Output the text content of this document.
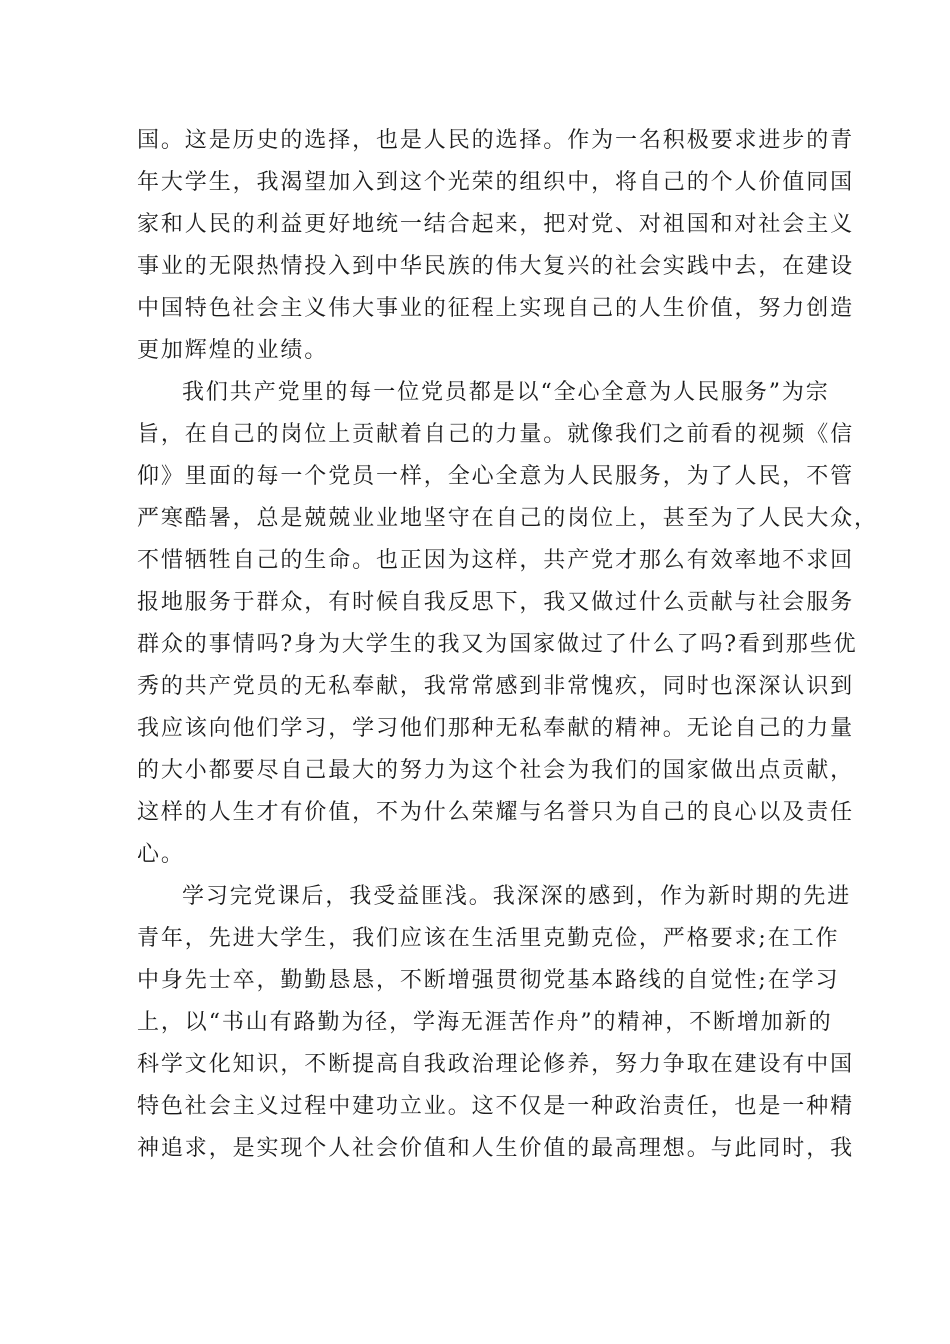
国。这是历史的选择，也是人民的选择。作为一名积极要求进步的青
年大学生，我渴望加入到这个光荣的组织中，将自己的个人价值同国
家和人民的利益更好地统一结合起来，把对党、对祖国和对社会主义
事业的无限热情投入到中华民族的伟大复兴的社会实践中去，在建设
中国特色社会主义伟大事业的征程上实现自己的人生价值，努力创造
更加辉煌的业绩。
我们共产党里的每一位党员都是以“全心全意为人民服务”为宗
旨，在自己的岗位上贡献着自己的力量。就像我们之前看的视频《信
仰》里面的每一个党员一样，全心全意为人民服务，为了人民，不管
严寒酷暑，总是兢兢业业地坚守在自己的岗位上，甚至为了人民大众，
不惜牺牲自己的生命。也正因为这样，共产党才那么有效率地不求回
报地服务于群众，有时候自我反思下，我又做过什么贡献与社会服务
群众的事情吗?身为大学生的我又为国家做过了什么了吗?看到那些优
秀的共产党员的无私奉献，我常常感到非常愧疚，同时也深深认识到
我应该向他们学习，学习他们那种无私奉献的精神。无论自己的力量
的大小都要尽自己最大的努力为这个社会为我们的国家做出点贡献，
这样的人生才有价值，不为什么荣耀与名誉只为自己的良心以及责任
心。
学习完党课后，我受益匪浅。我深深的感到，作为新时期的先进
青年，先进大学生，我们应该在生活里克勤克俭，严格要求;在工作
中身先士卒，勤勤恳恳，不断增强贯彻党基本路线的自觉性;在学习
上，以“书山有路勤为径，学海无涯苦作舟”的精神，不断增加新的
科学文化知识，不断提高自我政治理论修养，努力争取在建设有中国
特色社会主义过程中建功立业。这不仅是一种政治责任，也是一种精
神追求，是实现个人社会价值和人生价值的最高理想。与此同时，我
